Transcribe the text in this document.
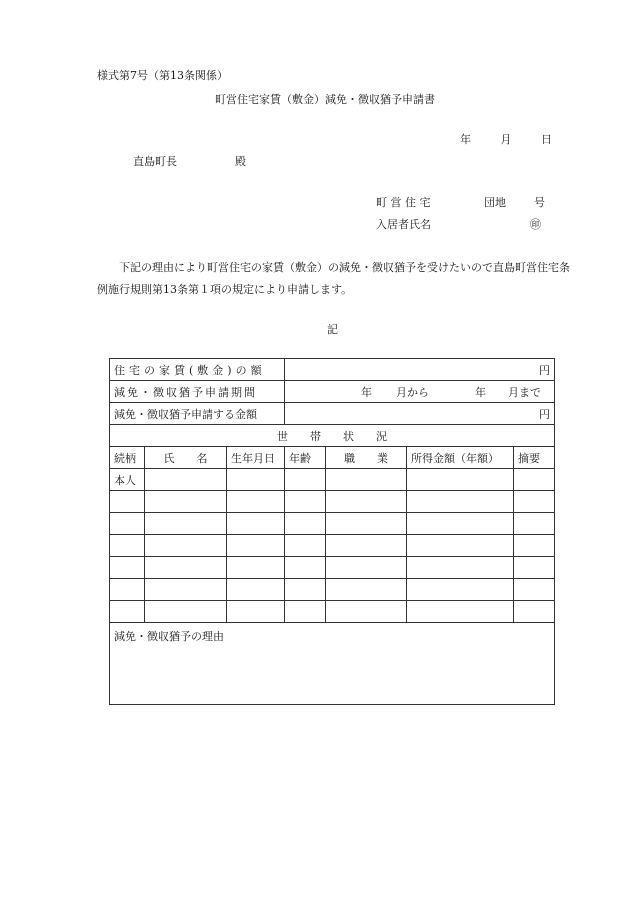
様式第7号（第13条関係）
町営住宅家賃（敷金）減免・徴収猶予申請書
年	月	日
直島町長	殿
町 営 住 宅	団地	号
入居者氏名	㊞

下記の理由により町営住宅の家賃（敷金）の減免・徴収猶予を受けたいので直島町営住宅条例施行規則第13条第１項の規定により申請します。

記
住宅の家賃(敷金)の額			円			
減免・徴収猶予申請期間			年 月から 年 月まで			
減免・徴収猶予申請する金額			円			
世　　帯　　状　　況						
続柄	氏　　名	生年月日	年齢	職　　業	所得金額（年額）	摘要
本人						

減免・徴収猶予の理由						
